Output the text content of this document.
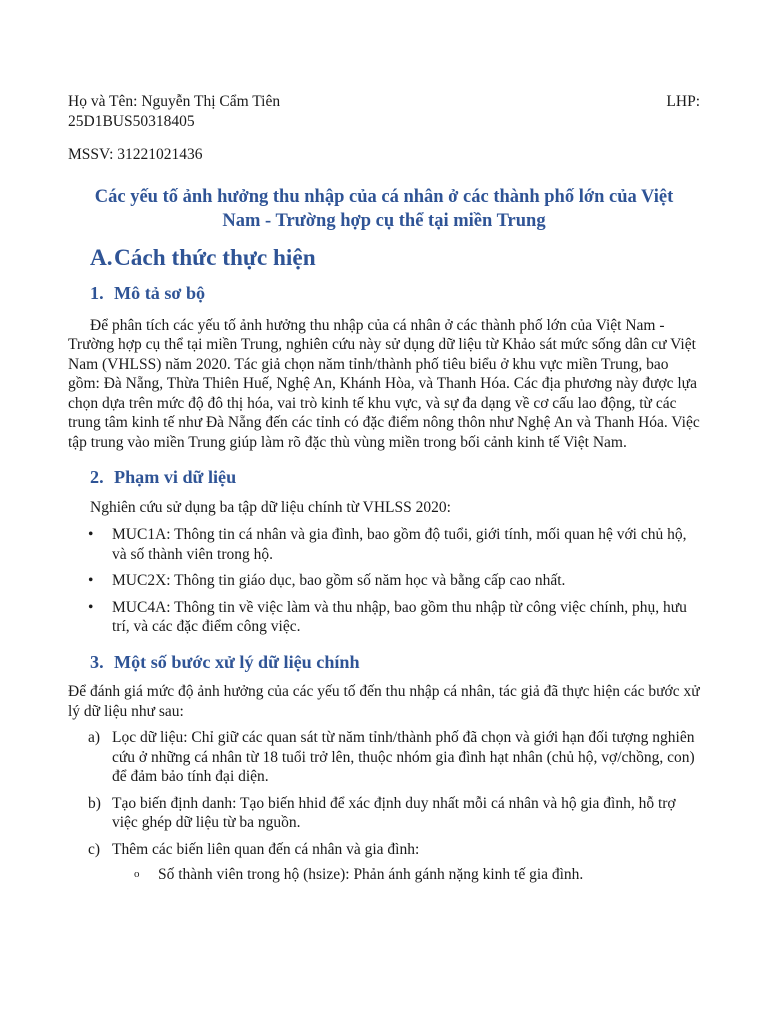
Họ và Tên: Nguyễn Thị Cẩm Tiên	LHP:

25D1BUS50318405

MSSV: 31221021436

Các yếu tố ảnh hưởng thu nhập của cá nhân ở các thành phố lớn của Việt
Nam - Trường hợp cụ thể tại miền Trung
A.Cách thức thực hiện
1. Mô tả sơ bộ

Để phân tích các yếu tố ảnh hưởng thu nhập của cá nhân ở các thành phố lớn của Việt Nam - Trường hợp cụ thể tại miền Trung, nghiên cứu này sử dụng dữ liệu từ Khảo sát mức sống dân cư Việt Nam (VHLSS) năm 2020. Tác giả chọn năm tỉnh/thành phố tiêu biểu ở khu vực miền Trung, bao gồm: Đà Nẵng, Thừa Thiên Huế, Nghệ An, Khánh Hòa, và Thanh Hóa. Các địa phương này được lựa chọn dựa trên mức độ đô thị hóa, vai trò kinh tế khu vực, và sự đa dạng về cơ cấu lao động, từ các trung tâm kinh tế như Đà Nẵng đến các tỉnh có đặc điểm nông thôn như Nghệ An và Thanh Hóa. Việc tập trung vào miền Trung giúp làm rõ đặc thù vùng miền trong bối cảnh kinh tế Việt Nam.

2. Phạm vi dữ liệu

Nghiên cứu sử dụng ba tập dữ liệu chính từ VHLSS 2020:

• MUC1A: Thông tin cá nhân và gia đình, bao gồm độ tuổi, giới tính, mối quan hệ với chủ hộ, và số thành viên trong hộ.
• MUC2X: Thông tin giáo dục, bao gồm số năm học và bằng cấp cao nhất.
• MUC4A: Thông tin về việc làm và thu nhập, bao gồm thu nhập từ công việc chính, phụ, hưu trí, và các đặc điểm công việc.
3. Một số bước xử lý dữ liệu chính

Để đánh giá mức độ ảnh hưởng của các yếu tố đến thu nhập cá nhân, tác giả đã thực hiện các bước xử lý dữ liệu như sau:

a) Lọc dữ liệu: Chỉ giữ các quan sát từ năm tỉnh/thành phố đã chọn và giới hạn đối tượng nghiên cứu ở những cá nhân từ 18 tuổi trở lên, thuộc nhóm gia đình hạt nhân (chủ hộ, vợ/chồng, con) để đảm bảo tính đại diện.
b) Tạo biến định danh: Tạo biến hhid để xác định duy nhất mỗi cá nhân và hộ gia đình, hỗ trợ việc ghép dữ liệu từ ba nguồn.
c) Thêm các biến liên quan đến cá nhân và gia đình:
o Số thành viên trong hộ (hsize): Phản ánh gánh nặng kinh tế gia đình.
